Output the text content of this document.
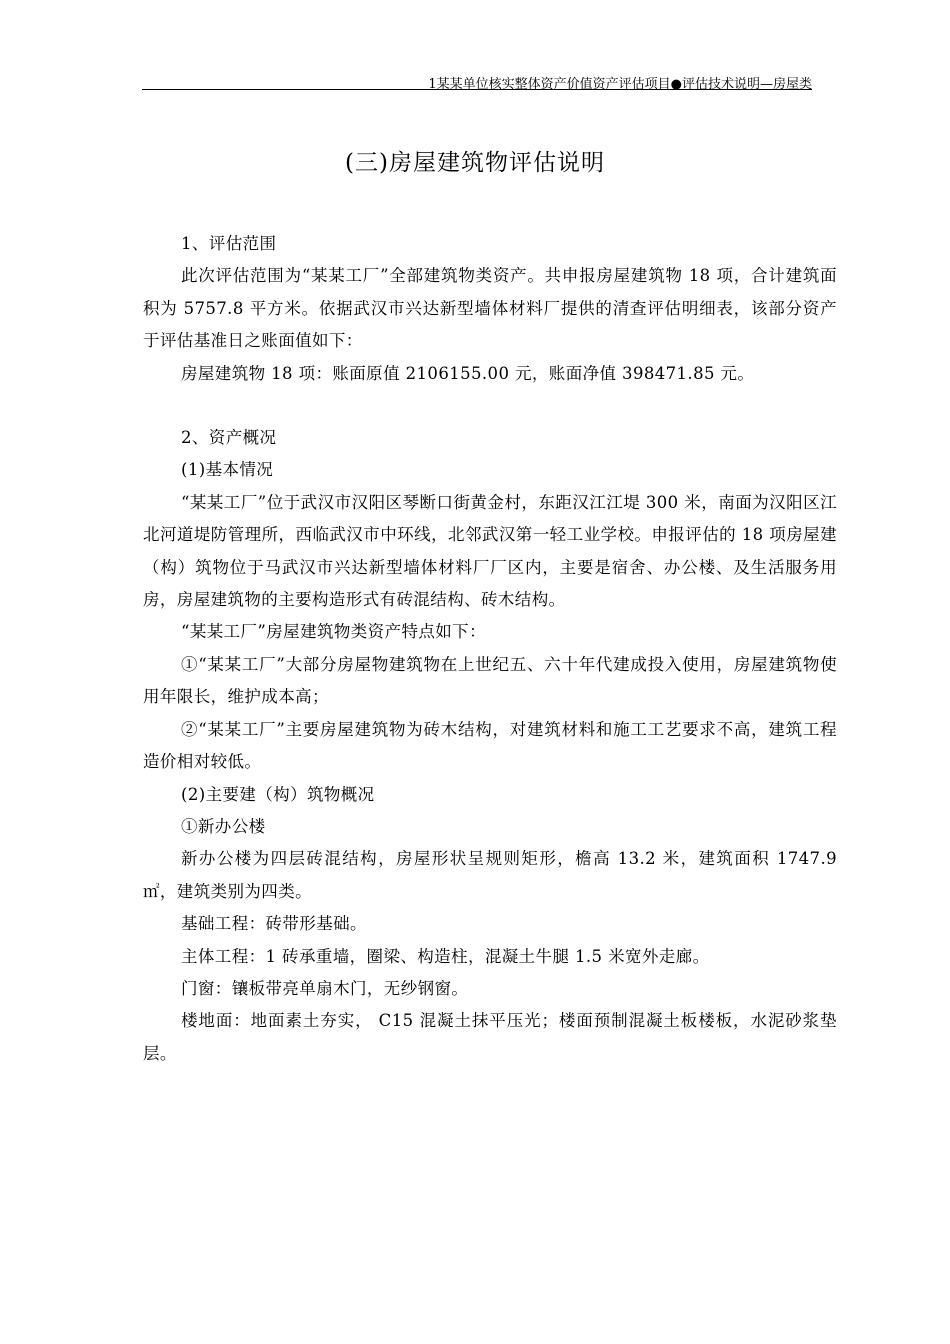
1某某单位核实整体资产价值资产评估项目●评估技术说明—房屋类
(三)房屋建筑物评估说明

1、评估范围

此次评估范围为“某某工厂”全部建筑物类资产。共申报房屋建筑物 18 项，合计建筑面积为 5757.8 平方米。依据武汉市兴达新型墙体材料厂提供的清查评估明细表，该部分资产于评估基准日之账面值如下：

房屋建筑物 18 项：账面原值 2106155.00 元，账面净值 398471.85 元。

2、资产概况

(1)基本情况

“某某工厂”位于武汉市汉阳区琴断口街黄金村，东距汉江江堤 300 米，南面为汉阳区江北河道堤防管理所，西临武汉市中环线，北邻武汉第一轻工业学校。申报评估的 18 项房屋建（构）筑物位于马武汉市兴达新型墙体材料厂厂区内，主要是宿舍、办公楼、及生活服务用房，房屋建筑物的主要构造形式有砖混结构、砖木结构。

“某某工厂”房屋建筑物类资产特点如下：

①“某某工厂”大部分房屋物建筑物在上世纪五、六十年代建成投入使用，房屋建筑物使用年限长，维护成本高；

②“某某工厂”主要房屋建筑物为砖木结构，对建筑材料和施工工艺要求不高，建筑工程造价相对较低。

(2)主要建（构）筑物概况

①新办公楼

新办公楼为四层砖混结构，房屋形状呈规则矩形，檐高 13.2 米，建筑面积 1747.9 ㎡，建筑类别为四类。

基础工程：砖带形基础。

主体工程：1 砖承重墙，圈梁、构造柱，混凝土牛腿 1.5 米宽外走廊。

门窗：镶板带亮单扇木门，无纱钢窗。

楼地面：地面素土夯实， C15 混凝土抹平压光；楼面预制混凝土板楼板，水泥砂浆垫层。
